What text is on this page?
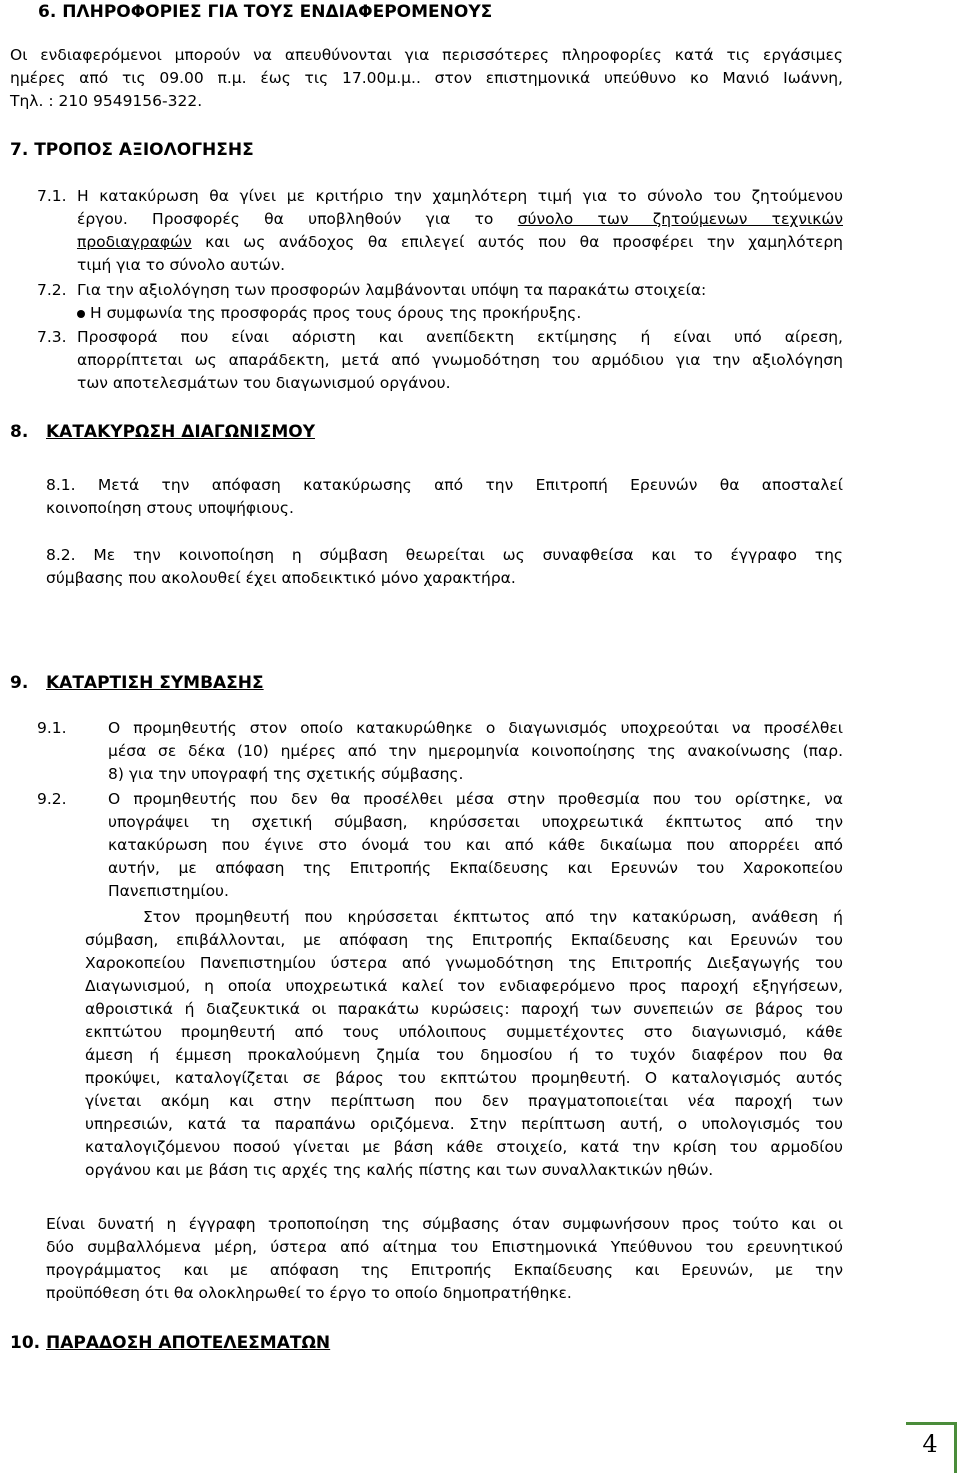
6. ΠΛΗΡΟΦΟΡΙΕΣ ΓΙΑ ΤΟΥΣ ΕΝΔΙΑΦΕΡΟΜΕΝΟΥΣ
Οι ενδιαφερόμενοι μπορούν να απευθύνονται για περισσότερες πληροφορίες κατά τις εργάσιμες
ημέρες από τις 09.00 π.μ. έως τις 17.00μ.μ.. στον επιστημονικά υπεύθυνο κο Μανιό Ιωάννη,
Τηλ. : 210 9549156-322.
7. ΤΡΟΠΟΣ ΑΞΙΟΛΟΓΗΣΗΣ
7.1. Η κατακύρωση θα γίνει με κριτήριο την χαμηλότερη τιμή για το σύνολο του ζητούμενου
έργου. Προσφορές θα υποβληθούν για το σύνολο των ζητούμενων τεχνικών
προδιαγραφών και ως ανάδοχος θα επιλεγεί αυτός που θα προσφέρει την χαμηλότερη
τιμή για το σύνολο αυτών.
7.2. Για την αξιολόγηση των προσφορών λαμβάνονται υπόψη τα παρακάτω στοιχεία:
Η συμφωνία της προσφοράς προς τους όρους της προκήρυξης.
7.3. Προσφορά που είναι αόριστη και ανεπίδεκτη εκτίμησης ή είναι υπό αίρεση,
απορρίπτεται ως απαράδεκτη, μετά από γνωμοδότηση του αρμόδιου για την αξιολόγηση
των αποτελεσμάτων του διαγωνισμού οργάνου.
8. ΚΑΤΑΚΥΡΩΣΗ ΔΙΑΓΩΝΙΣΜΟΥ
8.1. Μετά την απόφαση κατακύρωσης από την Επιτροπή Ερευνών θα αποσταλεί
κοινοποίηση στους υποψήφιους.
8.2. Με την κοινοποίηση η σύμβαση θεωρείται ως συναφθείσα και το έγγραφο της
σύμβασης που ακολουθεί έχει αποδεικτικό μόνο χαρακτήρα.
9. ΚΑΤΑΡΤΙΣΗ ΣΥΜΒΑΣΗΣ
9.1.	Ο προμηθευτής στον οποίο κατακυρώθηκε ο διαγωνισμός υποχρεούται να προσέλθει
μέσα σε δέκα (10) ημέρες από την ημερομηνία κοινοποίησης της ανακοίνωσης (παρ.
8) για την υπογραφή της σχετικής σύμβασης.
9.2.	Ο προμηθευτής που δεν θα προσέλθει μέσα στην προθεσμία που του ορίστηκε, να
υπογράψει τη σχετική σύμβαση, κηρύσσεται υποχρεωτικά έκπτωτος από την
κατακύρωση που έγινε στο όνομά του και από κάθε δικαίωμα που απορρέει από
αυτήν, με απόφαση της Επιτροπής Εκπαίδευσης και Ερευνών του Χαροκοπείου
Πανεπιστημίου.
Στον προμηθευτή που κηρύσσεται έκπτωτος από την κατακύρωση, ανάθεση ή
σύμβαση, επιβάλλονται, με απόφαση της Επιτροπής Εκπαίδευσης και Ερευνών του
Χαροκοπείου Πανεπιστημίου ύστερα από γνωμοδότηση της Επιτροπής Διεξαγωγής του
Διαγωνισμού, η οποία υποχρεωτικά καλεί τον ενδιαφερόμενο προς παροχή εξηγήσεων,
αθροιστικά ή διαζευκτικά οι παρακάτω κυρώσεις: παροχή των συνεπειών σε βάρος του
εκπτώτου προμηθευτή από τους υπόλοιπους συμμετέχοντες στο διαγωνισμό, κάθε
άμεση ή έμμεση προκαλούμενη ζημία του δημοσίου ή το τυχόν διαφέρον που θα
προκύψει, καταλογίζεται σε βάρος του εκπτώτου προμηθευτή. Ο καταλογισμός αυτός
γίνεται ακόμη και στην περίπτωση που δεν πραγματοποιείται νέα παροχή των
υπηρεσιών, κατά τα παραπάνω οριζόμενα. Στην περίπτωση αυτή, ο υπολογισμός του
καταλογιζόμενου ποσού γίνεται με βάση κάθε στοιχείο, κατά την κρίση του αρμοδίου
οργάνου και με βάση τις αρχές της καλής πίστης και των συναλλακτικών ηθών.
Είναι δυνατή η έγγραφη τροποποίηση της σύμβασης όταν συμφωνήσουν προς τούτο και οι
δύο συμβαλλόμενα μέρη, ύστερα από αίτημα του Επιστημονικά Υπεύθυνου του ερευνητικού
προγράμματος και με απόφαση της Επιτροπής Εκπαίδευσης και Ερευνών, με την
προϋπόθεση ότι θα ολοκληρωθεί το έργο το οποίο δημοπρατήθηκε.
10. ΠΑΡΑΔΟΣΗ ΑΠΟΤΕΛΕΣΜΑΤΩΝ
4
